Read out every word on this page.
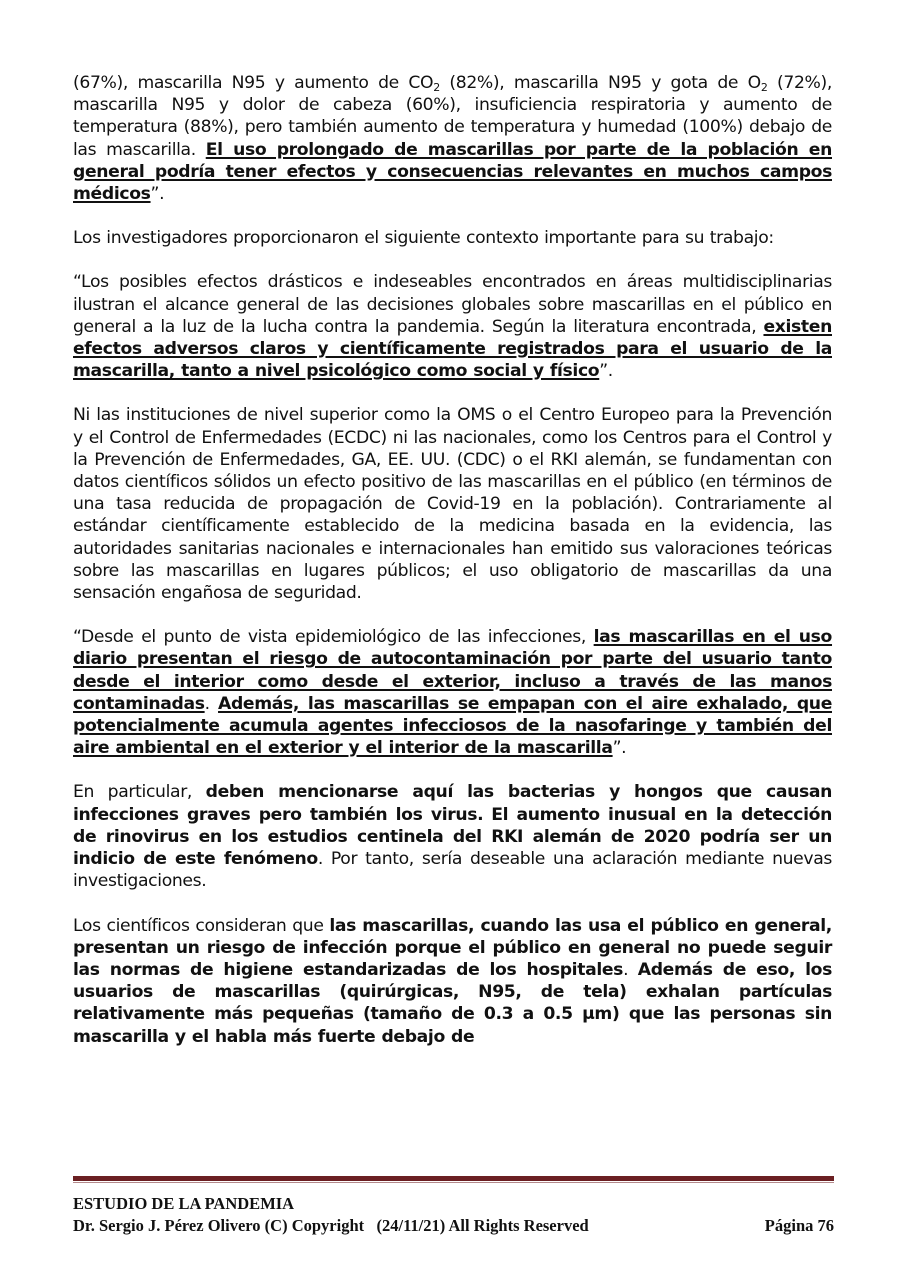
(67%), mascarilla N95 y aumento de $CO_2$ (82%), mascarilla N95 y gota de $O_2$ (72%), mascarilla N95 y dolor de cabeza (60%), insuficiencia respiratoria y aumento de temperatura (88%), pero también aumento de temperatura y humedad (100%) debajo de las mascarilla. El uso prolongado de mascarillas por parte de la población en general podría tener efectos y consecuencias relevantes en muchos campos médicos”.

Los investigadores proporcionaron el siguiente contexto importante para su trabajo:

“Los posibles efectos drásticos e indeseables encontrados en áreas multidisciplinarias ilustran el alcance general de las decisiones globales sobre mascarillas en el público en general a la luz de la lucha contra la pandemia. Según la literatura encontrada, existen efectos adversos claros y científicamente registrados para el usuario de la mascarilla, tanto a nivel psicológico como social y físico”.

Ni las instituciones de nivel superior como la OMS o el Centro Europeo para la Prevención y el Control de Enfermedades (ECDC) ni las nacionales, como los Centros para el Control y la Prevención de Enfermedades, GA, EE. UU. (CDC) o el RKI alemán, se fundamentan con datos científicos sólidos un efecto positivo de las mascarillas en el público (en términos de una tasa reducida de propagación de Covid-19 en la población). Contrariamente al estándar científicamente establecido de la medicina basada en la evidencia, las autoridades sanitarias nacionales e internacionales han emitido sus valoraciones teóricas sobre las mascarillas en lugares públicos; el uso obligatorio de mascarillas da una sensación engañosa de seguridad.

“Desde el punto de vista epidemiológico de las infecciones, las mascarillas en el uso diario presentan el riesgo de autocontaminación por parte del usuario tanto desde el interior como desde el exterior, incluso a través de las manos contaminadas. Además, las mascarillas se empapan con el aire exhalado, que potencialmente acumula agentes infecciosos de la nasofaringe y también del aire ambiental en el exterior y el interior de la mascarilla”.

En particular, deben mencionarse aquí las bacterias y hongos que causan infecciones graves pero también los virus. El aumento inusual en la detección de rinovirus en los estudios centinela del RKI alemán de 2020 podría ser un indicio de este fenómeno. Por tanto, sería deseable una aclaración mediante nuevas investigaciones.

Los científicos consideran que las mascarillas, cuando las usa el público en general, presentan un riesgo de infección porque el público en general no puede seguir las normas de higiene estandarizadas de los hospitales. Además de eso, los usuarios de mascarillas (quirúrgicas, N95, de tela) exhalan partículas relativamente más pequeñas (tamaño de 0.3 a 0.5 µm) que las personas sin mascarilla y el habla más fuerte debajo de

ESTUDIO DE LA PANDEMIA
Dr. Sergio J. Pérez Olivero (C) Copyright   (24/11/21) All Rights Reserved	Página 76
